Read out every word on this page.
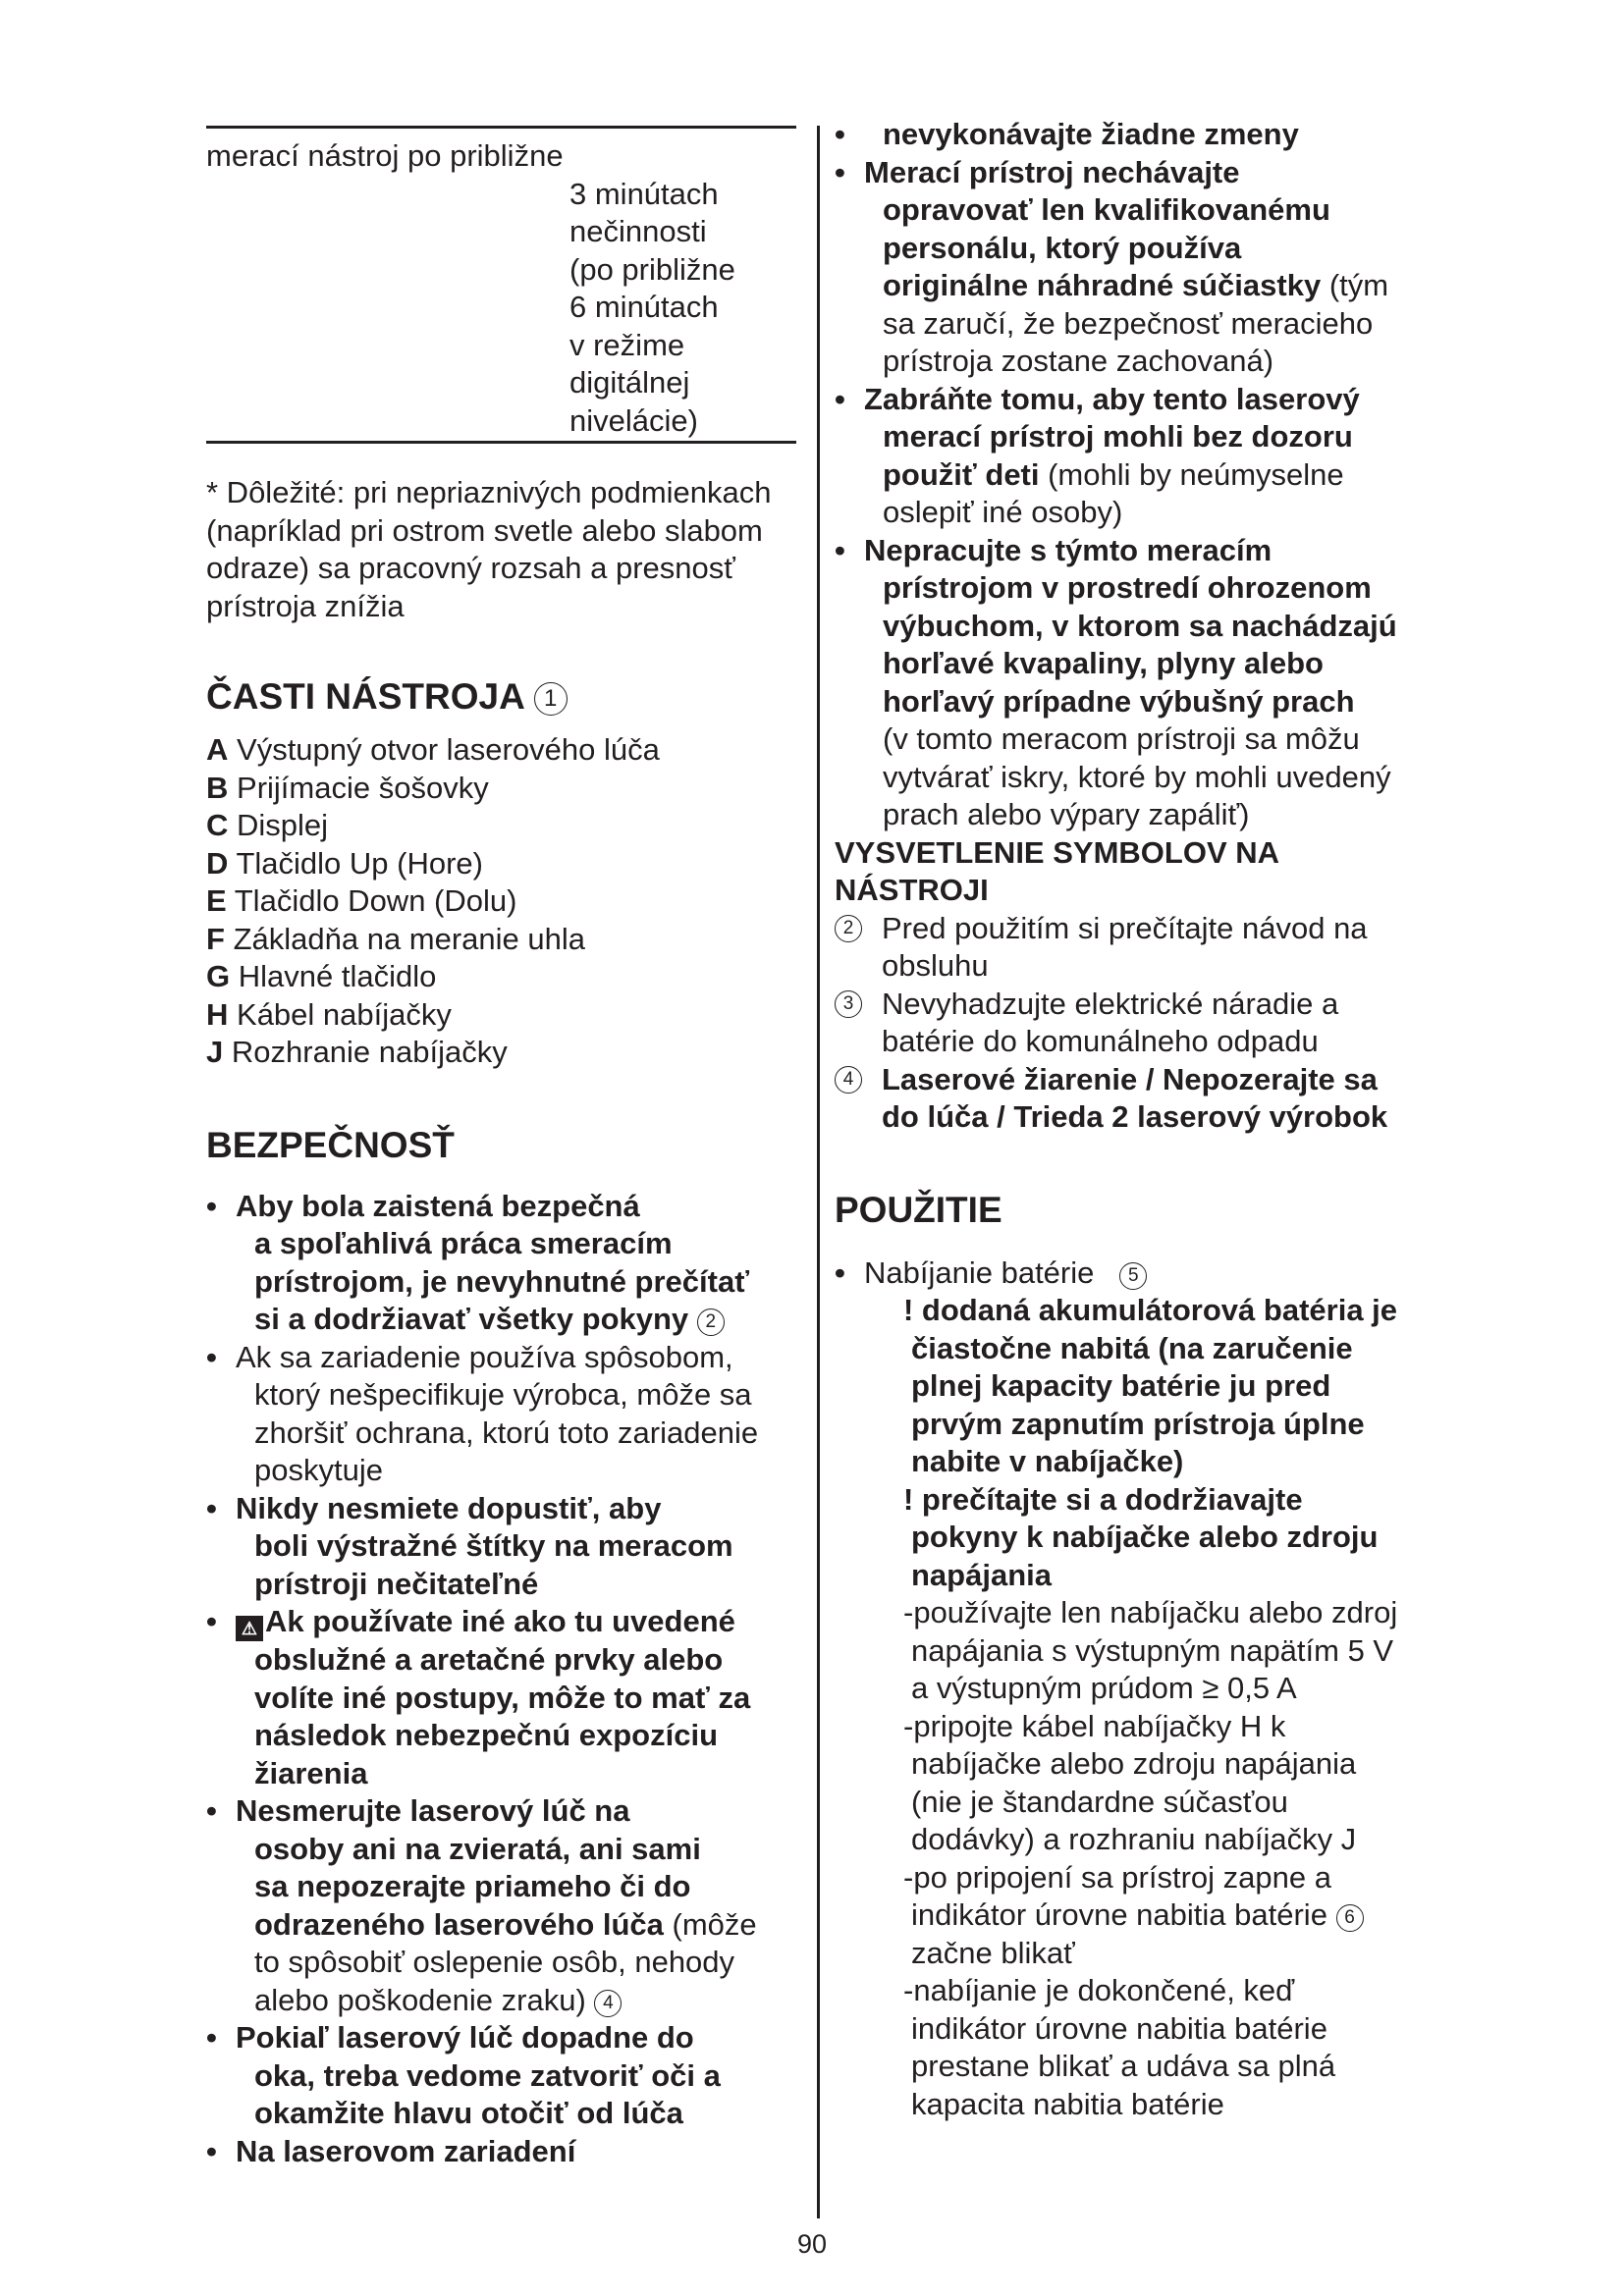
merací nástroj po približne

3 minútach

nečinnosti

(po približne

6 minútach

v režime

digitálnej

nivelácie)

* Dôležité: pri nepriaznivých podmienkach (napríklad pri ostrom svetle alebo slabom odraze) sa pracovný rozsah a presnosť prístroja znížia

ČASTI NÁSTROJA 1

A Výstupný otvor laserového lúča

B Prijímacie šošovky

C Displej

D Tlačidlo Up (Hore)

E Tlačidlo Down (Dolu)

F Základňa na meranie uhla

G Hlavné tlačidlo

H Kábel nabíjačky

J Rozhranie nabíjačky

BEZPEČNOSŤ
• Aby bola zaistená bezpečná
a spoľahlivá práca smeracím
prístrojom, je nevyhnutné prečítať
si a dodržiavať všetky pokyny 2
• Ak sa zariadenie používa spôsobom,
ktorý nešpecifikuje výrobca, môže sa
zhoršiť ochrana, ktorú toto zariadenie
poskytuje
• Nikdy nesmiete dopustiť, aby
boli výstražné štítky na meracom
prístroji nečitateľné
• ⚠ Ak používate iné ako tu uvedené
obslužné a aretačné prvky alebo
volíte iné postupy, môže to mať za
následok nebezpečnú expozíciu
žiarenia
• Nesmerujte laserový lúč na
osoby ani na zvieratá, ani sami
sa nepozerajte priameho či do
odrazeného laserového lúča (môže
to spôsobiť oslepenie osôb, nehody
alebo poškodenie zraku) 4
• Pokiaľ laserový lúč dopadne do
oka, treba vedome zatvoriť oči a
okamžite hlavu otočiť od lúča
• Na laserovom zariadení
• nevykonávajte žiadne zmeny
• Merací prístroj nechávajte
opravovať len kvalifikovanému
personálu, ktorý používa
originálne náhradné súčiastky (tým
sa zaručí, že bezpečnosť meracieho
prístroja zostane zachovaná)
• Zabráňte tomu, aby tento laserový
merací prístroj mohli bez dozoru
použiť deti (mohli by neúmyselne
oslepiť iné osoby)
• Nepracujte s týmto meracím
prístrojom v prostredí ohrozenom
výbuchom, v ktorom sa nachádzajú
horľavé kvapaliny, plyny alebo
horľavý prípadne výbušný prach
(v tomto meracom prístroji sa môžu
vytvárať iskry, ktoré by mohli uvedený
prach alebo výpary zapáliť)

VYSVETLENIE SYMBOLOV NA

NÁSTROJI

2 Pred použitím si prečítajte návod na

obsluhu

3 Nevyhadzujte elektrické náradie a

batérie do komunálneho odpadu

4 Laserové žiarenie / Nepozerajte sa

do lúča / Trieda 2 laserový výrobok

POUŽITIE
• Nabíjanie batérie 5

! dodaná akumulátorová batéria je

čiastočne nabitá (na zaručenie

plnej kapacity batérie ju pred

prvým zapnutím prístroja úplne

nabite v nabíjačke)

! prečítajte si a dodržiavajte

pokyny k nabíjačke alebo zdroju

napájania

-používajte len nabíjačku alebo zdroj

napájania s výstupným napätím 5 V

a výstupným prúdom ≥ 0,5 A

-pripojte kábel nabíjačky H k

nabíjačke alebo zdroju napájania

(nie je štandardne súčasťou

dodávky) a rozhraniu nabíjačky J

-po pripojení sa prístroj zapne a

indikátor úrovne nabitia batérie 6

začne blikať

-nabíjanie je dokončené, keď

indikátor úrovne nabitia batérie

prestane blikať a udáva sa plná

kapacita nabitia batérie

90
